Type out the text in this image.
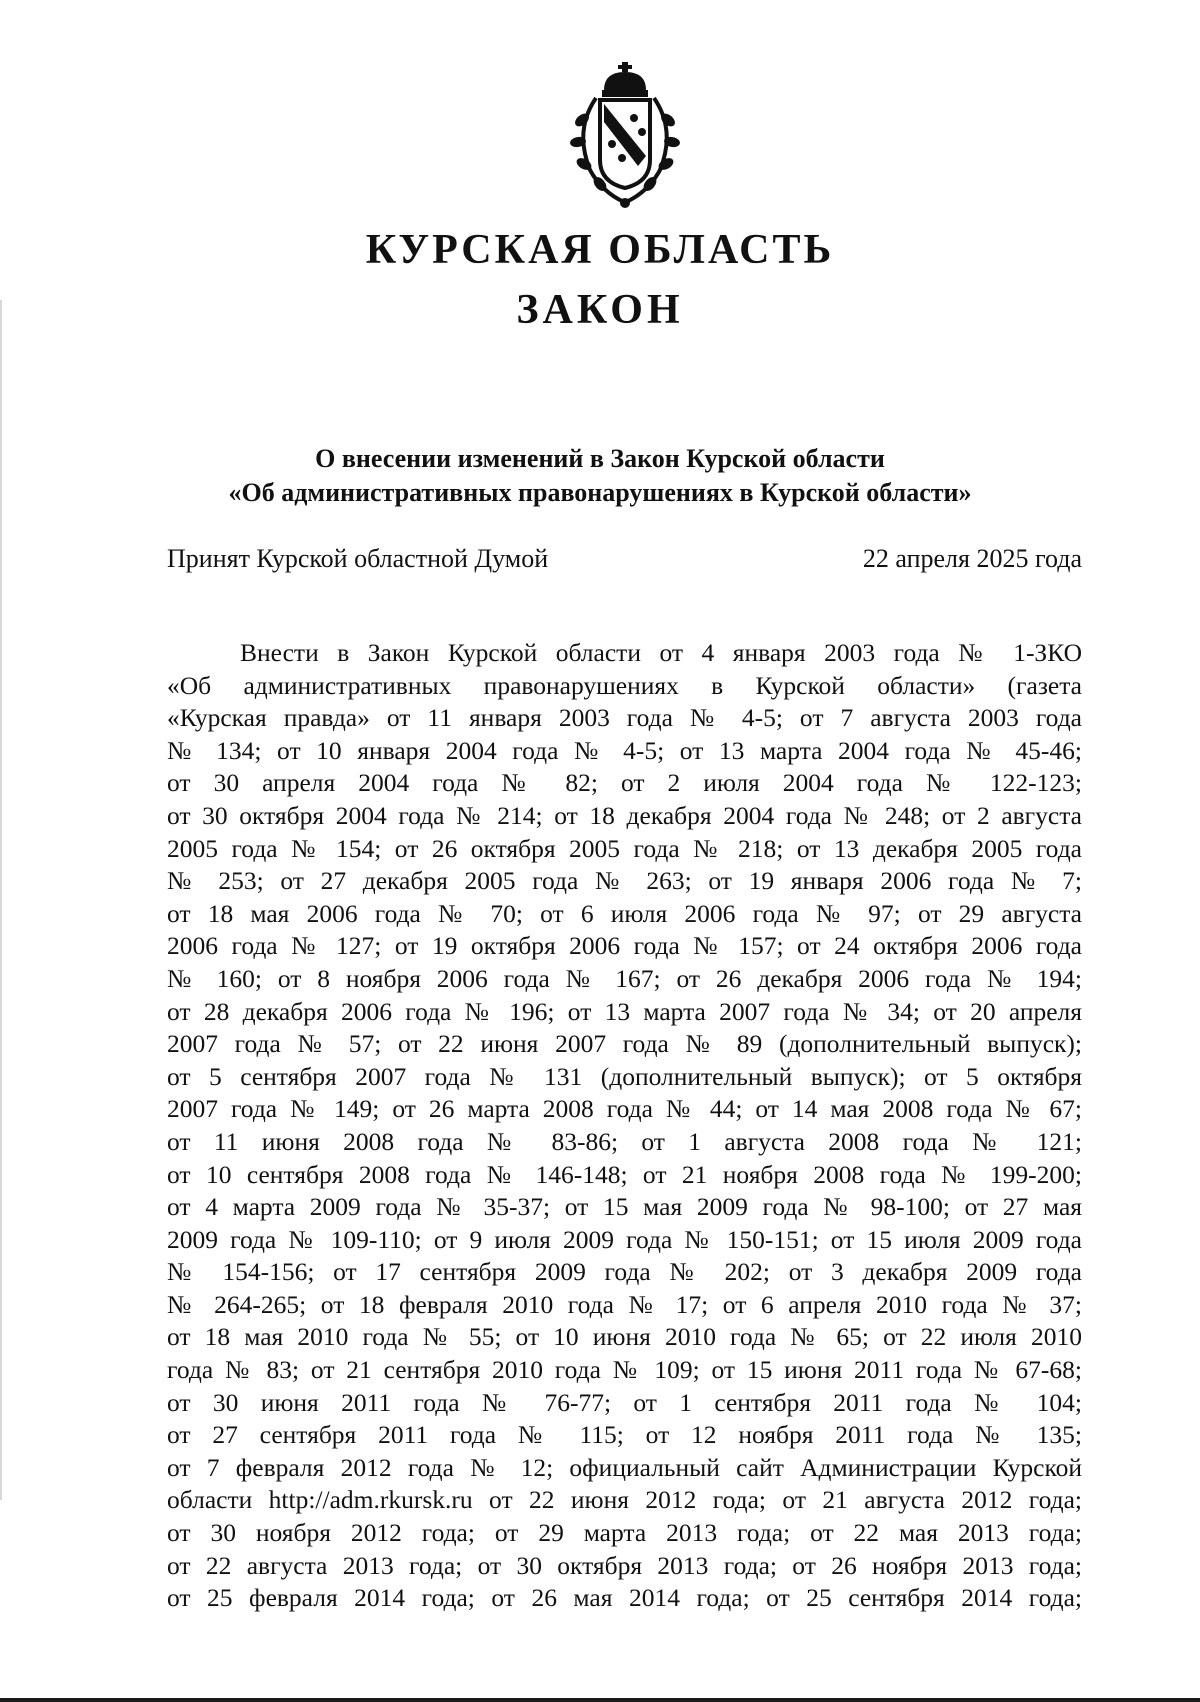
КУРСКАЯ ОБЛАСТЬ
ЗАКОН
О внесении изменений в Закон Курской области
«Об административных правонарушениях в Курской области»
Принят Курской областной Думой	22 апреля 2025 года
Внести в Закон Курской области от 4 января 2003 года № 1-ЗКО
«Об административных правонарушениях в Курской области» (газета
«Курская правда» от 11 января 2003 года № 4-5; от 7 августа 2003 года
№ 134; от 10 января 2004 года № 4-5; от 13 марта 2004 года № 45-46;
от 30 апреля 2004 года № 82; от 2 июля 2004 года № 122-123;
от 30 октября 2004 года № 214; от 18 декабря 2004 года № 248; от 2 августа
2005 года № 154; от 26 октября 2005 года № 218; от 13 декабря 2005 года
№ 253; от 27 декабря 2005 года № 263; от 19 января 2006 года № 7;
от 18 мая 2006 года № 70; от 6 июля 2006 года № 97; от 29 августа
2006 года № 127; от 19 октября 2006 года № 157; от 24 октября 2006 года
№ 160; от 8 ноября 2006 года № 167; от 26 декабря 2006 года № 194;
от 28 декабря 2006 года № 196; от 13 марта 2007 года № 34; от 20 апреля
2007 года № 57; от 22 июня 2007 года № 89 (дополнительный выпуск);
от 5 сентября 2007 года № 131 (дополнительный выпуск); от 5 октября
2007 года № 149; от 26 марта 2008 года № 44; от 14 мая 2008 года № 67;
от 11 июня 2008 года № 83-86; от 1 августа 2008 года № 121;
от 10 сентября 2008 года № 146-148; от 21 ноября 2008 года № 199-200;
от 4 марта 2009 года № 35-37; от 15 мая 2009 года № 98-100; от 27 мая
2009 года № 109-110; от 9 июля 2009 года № 150-151; от 15 июля 2009 года
№ 154-156; от 17 сентября 2009 года № 202; от 3 декабря 2009 года
№ 264-265; от 18 февраля 2010 года № 17; от 6 апреля 2010 года № 37;
от 18 мая 2010 года № 55; от 10 июня 2010 года № 65; от 22 июля 2010
года № 83; от 21 сентября 2010 года № 109; от 15 июня 2011 года № 67-68;
от 30 июня 2011 года № 76-77; от 1 сентября 2011 года № 104;
от 27 сентября 2011 года № 115; от 12 ноября 2011 года № 135;
от 7 февраля 2012 года № 12; официальный сайт Администрации Курской
области http://adm.rkursk.ru от 22 июня 2012 года; от 21 августа 2012 года;
от 30 ноября 2012 года; от 29 марта 2013 года; от 22 мая 2013 года;
от 22 августа 2013 года; от 30 октября 2013 года; от 26 ноября 2013 года;
от 25 февраля 2014 года; от 26 мая 2014 года; от 25 сентября 2014 года;
